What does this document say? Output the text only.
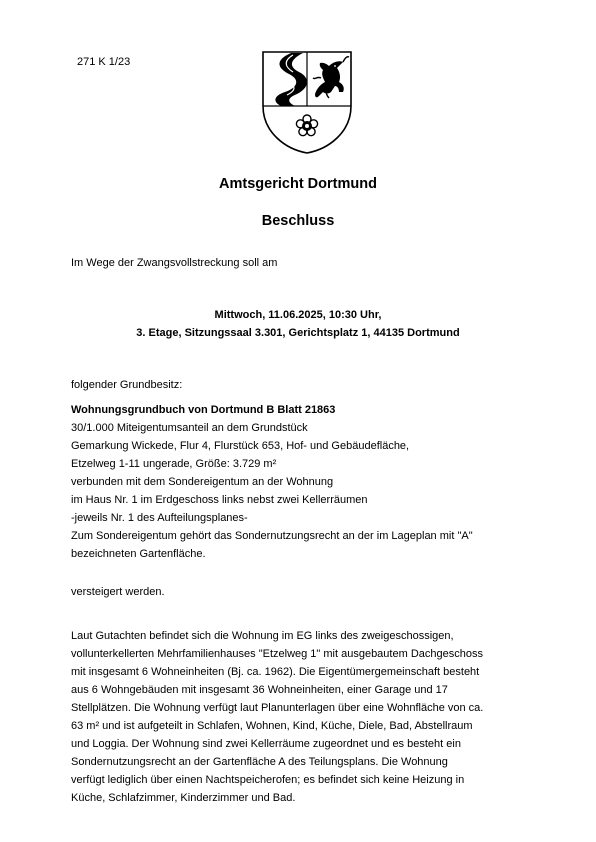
271 K 1/23
Amtsgericht Dortmund
Beschluss
Im Wege der Zwangsvollstreckung soll am
Mittwoch, 11.06.2025, 10:30 Uhr,
3. Etage, Sitzungssaal 3.301, Gerichtsplatz 1, 44135 Dortmund
folgender Grundbesitz:
Wohnungsgrundbuch von Dortmund B Blatt 21863
30/1.000 Miteigentumsanteil an dem Grundstück
Gemarkung Wickede, Flur 4, Flurstück 653, Hof- und Gebäudefläche,
Etzelweg 1-11 ungerade, Größe: 3.729 m²
verbunden mit dem Sondereigentum an der Wohnung
im Haus Nr. 1 im Erdgeschoss links nebst zwei Kellerräumen
-jeweils Nr. 1 des Aufteilungsplanes-
Zum Sondereigentum gehört das Sondernutzungsrecht an der im Lageplan mit "A"
bezeichneten Gartenfläche.
versteigert werden.
Laut Gutachten befindet sich die Wohnung im EG links des zweigeschossigen,
vollunterkellerten Mehrfamilienhauses "Etzelweg 1" mit ausgebautem Dachgeschoss
mit insgesamt 6 Wohneinheiten (Bj. ca. 1962). Die Eigentümergemeinschaft besteht
aus 6 Wohngebäuden mit insgesamt 36 Wohneinheiten, einer Garage und 17
Stellplätzen. Die Wohnung verfügt laut Planunterlagen über eine Wohnfläche von ca.
63 m² und ist aufgeteilt in Schlafen, Wohnen, Kind, Küche, Diele, Bad, Abstellraum
und Loggia. Der Wohnung sind zwei Kellerräume zugeordnet und es besteht ein
Sondernutzungsrecht an der Gartenfläche A des Teilungsplans. Die Wohnung
verfügt lediglich über einen Nachtspeicherofen; es befindet sich keine Heizung in
Küche, Schlafzimmer, Kinderzimmer und Bad.
